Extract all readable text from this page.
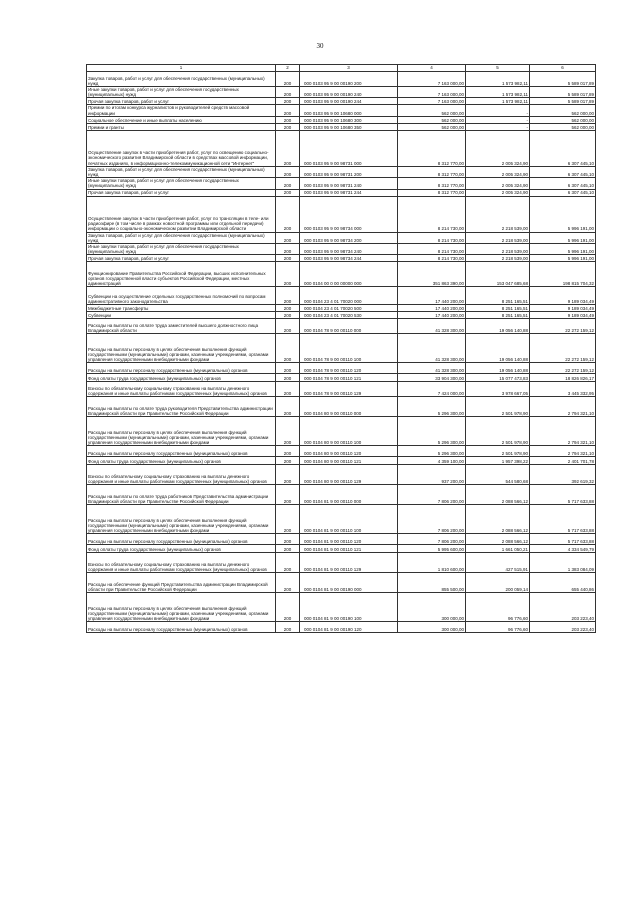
30
1	2	3	4	5	6
Закупка товаров, работ и услуг для обеспечения государственных (муниципальных) нужд	200	000 0103 95 9 00 00190 200	7 163 000,00	1 573 982,11	5 589 017,89
Иные закупки товаров, работ и услуг для обеспечения государственных (муниципальных) нужд	200	000 0103 95 9 00 00190 240	7 163 000,00	1 573 982,11	5 589 017,89
Прочая закупка товаров, работ и услуг	200	000 0103 95 9 00 00190 244	7 163 000,00	1 573 982,11	5 589 017,89
Премии по итогам конкурса журналистов и руководителей средств массовой информации	200	000 0103 95 9 00 10680 000	562 000,00	-	562 000,00
Социальное обеспечение и иные выплаты населению	200	000 0103 95 9 00 10680 300	562 000,00	-	562 000,00
Премии и гранты	200	000 0103 95 9 00 10680 350	562 000,00	-	562 000,00
Осуществление закупок в части приобретения работ, услуг по освещению социально-экономического развития Владимирской области в средствах массовой информации, печатных изданиях, в информационно-телекоммуникационной сети "Интернет"	200	000 0103 95 9 00 98731 000	8 312 770,00	2 005 324,90	6 307 445,10
Закупка товаров, работ и услуг для обеспечения государственных (муниципальных) нужд	200	000 0103 95 9 00 98731 200	8 312 770,00	2 005 324,90	6 307 445,10
Иные закупки товаров, работ и услуг для обеспечения государственных (муниципальных) нужд	200	000 0103 95 9 00 98731 240	8 312 770,00	2 005 324,90	6 307 445,10
Прочая закупка товаров, работ и услуг	200	000 0103 95 9 00 98731 244	8 312 770,00	2 005 324,90	6 307 445,10
Осуществление закупок в части приобретения работ, услуг по трансляции в теле- или радиоэфире (в том числе в рамках новостной программы или отдельной передачи) информации о социально-экономическом развитии Владимирской области	200	000 0103 95 9 00 98734 000	8 214 730,00	2 218 539,00	5 996 191,00
Закупка товаров, работ и услуг для обеспечения государственных (муниципальных) нужд	200	000 0103 95 9 00 98734 200	8 214 730,00	2 218 539,00	5 996 191,00
Иные закупки товаров, работ и услуг для обеспечения государственных (муниципальных) нужд	200	000 0103 95 9 00 98734 240	8 214 730,00	2 218 539,00	5 996 191,00
Прочая закупка товаров, работ и услуг	200	000 0103 95 9 00 98734 244	8 214 730,00	2 218 539,00	5 996 191,00
Функционирование Правительства Российской Федерации, высших исполнительных органов государственной власти субъектов Российской Федерации, местных администраций	200	000 0104 00 0 00 00000 000	351 863 390,00	153 047 685,68	198 815 704,32
Субвенции на осуществление отдельных государственных полномочий по вопросам административного законодательства	200	000 0104 23 4 01 70020 000	17 440 200,00	8 251 165,51	9 189 034,49
Межбюджетные трансферты	200	000 0104 23 4 01 70020 500	17 440 200,00	8 251 165,51	9 189 034,49
Субвенции	200	000 0104 23 4 01 70020 530	17 440 200,00	8 251 165,51	9 189 034,49
Расходы на выплаты по оплате труда заместителей высшего должностного лица Владимирской области	200	000 0104 78 9 00 00110 000	41 328 300,00	19 056 140,88	22 272 159,12
Расходы на выплаты персоналу в целях обеспечения выполнения функций государственными (муниципальными) органами, казенными учреждениями, органами управления государственными внебюджетными фондами	200	000 0104 78 9 00 00110 100	41 328 300,00	19 056 140,88	22 272 159,12
Расходы на выплаты персоналу государственных (муниципальных) органов	200	000 0104 78 9 00 00110 120	41 328 300,00	19 056 140,88	22 272 159,12
Фонд оплаты труда государственных (муниципальных) органов	200	000 0104 78 9 00 00110 121	33 904 300,00	15 077 473,83	18 826 826,17
Взносы по обязательному социальному страхованию на выплаты денежного содержания и иные выплаты работникам государственных (муниципальных) органов	200	000 0104 78 9 00 00110 129	7 424 000,00	3 978 667,05	3 445 332,95
Расходы на выплаты по оплате труда руководителя Представительства администрации Владимирской области при Правительстве Российской Федерации	200	000 0104 80 9 00 00110 000	5 296 300,00	2 501 978,90	2 794 321,10
Расходы на выплаты персоналу в целях обеспечения выполнения функций государственными (муниципальными) органами, казенными учреждениями, органами управления государственными внебюджетными фондами	200	000 0104 80 9 00 00110 100	5 296 300,00	2 501 978,90	2 794 321,10
Расходы на выплаты персоналу государственных (муниципальных) органов	200	000 0104 80 9 00 00110 120	5 296 300,00	2 501 978,90	2 794 321,10
Фонд оплаты труда государственных (муниципальных) органов	200	000 0104 80 9 00 00110 121	4 359 100,00	1 957 398,22	2 401 701,78
Взносы по обязательному социальному страхованию на выплаты денежного содержания и иные выплаты работникам государственных (муниципальных) органов	200	000 0104 80 9 00 00110 129	937 200,00	544 580,68	392 619,32
Расходы на выплаты по оплате труда работников Представительства администрации Владимирской области при Правительстве Российской Федерации	200	000 0104 81 9 00 00110 000	7 806 200,00	2 088 566,12	5 717 633,88
Расходы на выплаты персоналу в целях обеспечения выполнения функций государственными (муниципальными) органами, казенными учреждениями, органами управления государственными внебюджетными фондами	200	000 0104 81 9 00 00110 100	7 806 200,00	2 088 566,12	5 717 633,88
Расходы на выплаты персоналу государственных (муниципальных) органов	200	000 0104 81 9 00 00110 120	7 806 200,00	2 088 566,12	5 717 633,88
Фонд оплаты труда государственных (муниципальных) органов	200	000 0104 81 9 00 00110 121	5 995 600,00	1 661 050,21	4 334 549,79
Взносы по обязательному социальному страхованию на выплаты денежного содержания и иные выплаты работникам государственных (муниципальных) органов	200	000 0104 81 9 00 00110 129	1 810 600,00	427 515,91	1 383 084,09
Расходы на обеспечение функций Представительства администрации Владимирской области при Правительстве Российской Федерации	200	000 0104 81 9 00 00190 000	855 500,00	200 059,14	655 440,86
Расходы на выплаты персоналу в целях обеспечения выполнения функций государственными (муниципальными) органами, казенными учреждениями, органами управления государственными внебюджетными фондами	200	000 0104 81 9 00 00190 100	300 000,00	96 776,60	203 223,40
Расходы на выплаты персоналу государственных (муниципальных) органов	200	000 0104 81 9 00 00190 120	300 000,00	96 776,60	203 223,40
